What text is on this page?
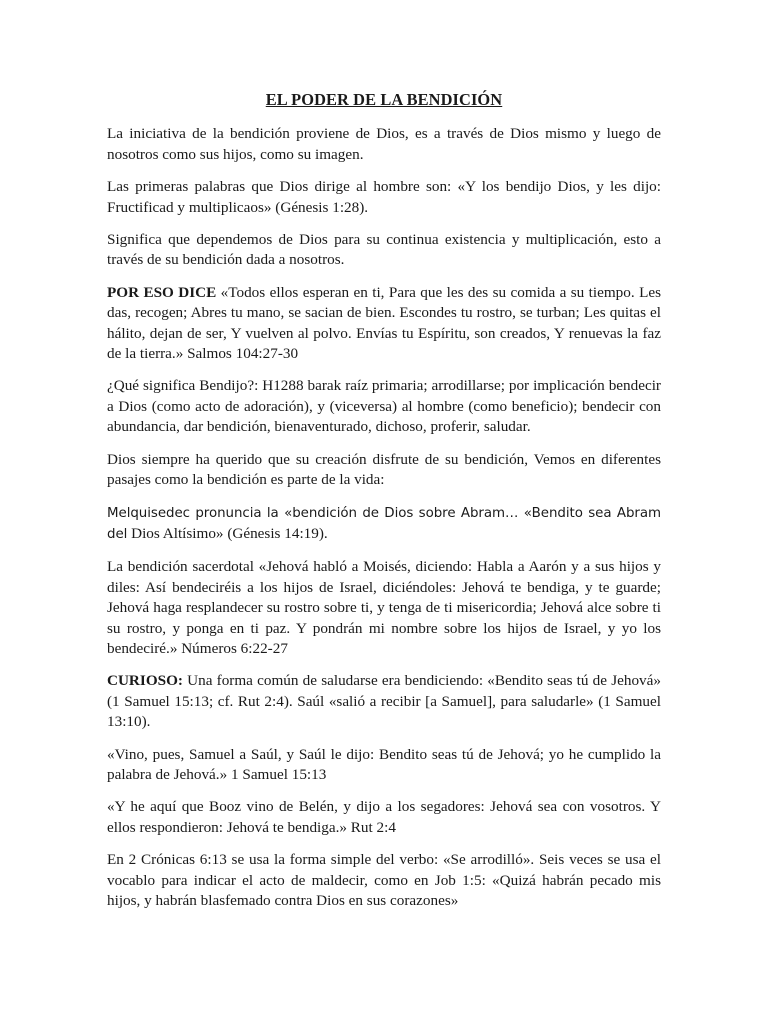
EL PODER DE LA BENDICIÓN

La iniciativa de la bendición proviene de Dios, es a través de Dios mismo y luego de nosotros como sus hijos, como su imagen.

Las primeras palabras que Dios dirige al hombre son: «Y los bendijo Dios, y les dijo: Fructificad y multiplicaos» (Génesis 1:28).

Significa que dependemos de Dios para su continua existencia y multiplicación, esto a través de su bendición dada a nosotros.

POR ESO DICE «Todos ellos esperan en ti, Para que les des su comida a su tiempo. Les das, recogen; Abres tu mano, se sacian de bien. Escondes tu rostro, se turban; Les quitas el hálito, dejan de ser, Y vuelven al polvo. Envías tu Espíritu, son creados, Y renuevas la faz de la tierra.» Salmos 104:27-30

¿Qué significa Bendijo?: H1288 barak raíz primaria; arrodillarse; por implicación bendecir a Dios (como acto de adoración), y (viceversa) al hombre (como beneficio); bendecir con abundancia, dar bendición, bienaventurado, dichoso, proferir, saludar.

Dios siempre ha querido que su creación disfrute de su bendición, Vemos en diferentes pasajes como la bendición es parte de la vida:

Melquisedec pronuncia la «bendición de Dios sobre Abram… «Bendito sea Abram del Dios Altísimo» (Génesis 14:19).

La bendición sacerdotal «Jehová habló a Moisés, diciendo: Habla a Aarón y a sus hijos y diles: Así bendeciréis a los hijos de Israel, diciéndoles: Jehová te bendiga, y te guarde; Jehová haga resplandecer su rostro sobre ti, y tenga de ti misericordia; Jehová alce sobre ti su rostro, y ponga en ti paz. Y pondrán mi nombre sobre los hijos de Israel, y yo los bendeciré.» Números 6:22-27

CURIOSO: Una forma común de saludarse era bendiciendo: «Bendito seas tú de Jehová» (1 Samuel 15:13; cf. Rut 2:4). Saúl «salió a recibir [a Samuel], para saludarle» (1 Samuel 13:10).

«Vino, pues, Samuel a Saúl, y Saúl le dijo: Bendito seas tú de Jehová; yo he cumplido la palabra de Jehová.» 1 Samuel 15:13

«Y he aquí que Booz vino de Belén, y dijo a los segadores: Jehová sea con vosotros. Y ellos respondieron: Jehová te bendiga.» Rut 2:4

En 2 Crónicas 6:13 se usa la forma simple del verbo: «Se arrodilló». Seis veces se usa el vocablo para indicar el acto de maldecir, como en Job 1:5: «Quizá habrán pecado mis hijos, y habrán blasfemado contra Dios en sus corazones»
